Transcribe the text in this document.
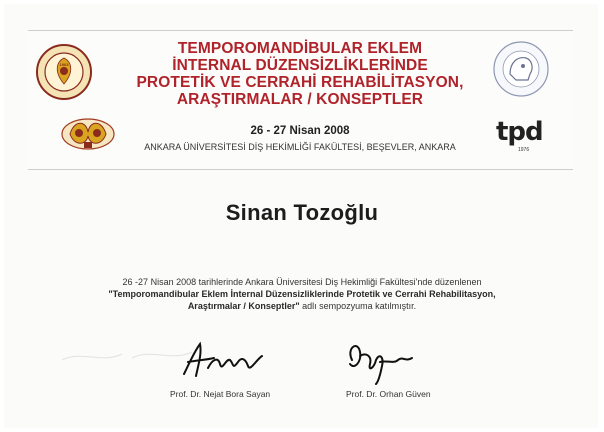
1963
TEMPOROMANDİBULAR EKLEM
İNTERNAL DÜZENSİZLİKLERİNDE
PROTETİK VE CERRAHİ REHABİLİTASYON,
ARAŞTIRMALAR / KONSEPTLER
26 - 27 Nisan 2008
ANKARA ÜNİVERSİTESİ DİŞ HEKİMLİĞİ FAKÜLTESİ, BEŞEVLER, ANKARA	tpd
1976
Sinan Tozoğlu
26 -27 Nisan 2008 tarihlerinde Ankara Üniversitesi Diş Hekimliği Fakültesi'nde düzenlenen
"Temporomandibular Eklem İnternal Düzensizliklerinde Protetik ve Cerrahi Rehabilitasyon,
Araştırmalar / Konseptler" adlı sempozyuma katılmıştır.
Prof. Dr. Nejat Bora Sayan	Prof. Dr. Orhan Güven
